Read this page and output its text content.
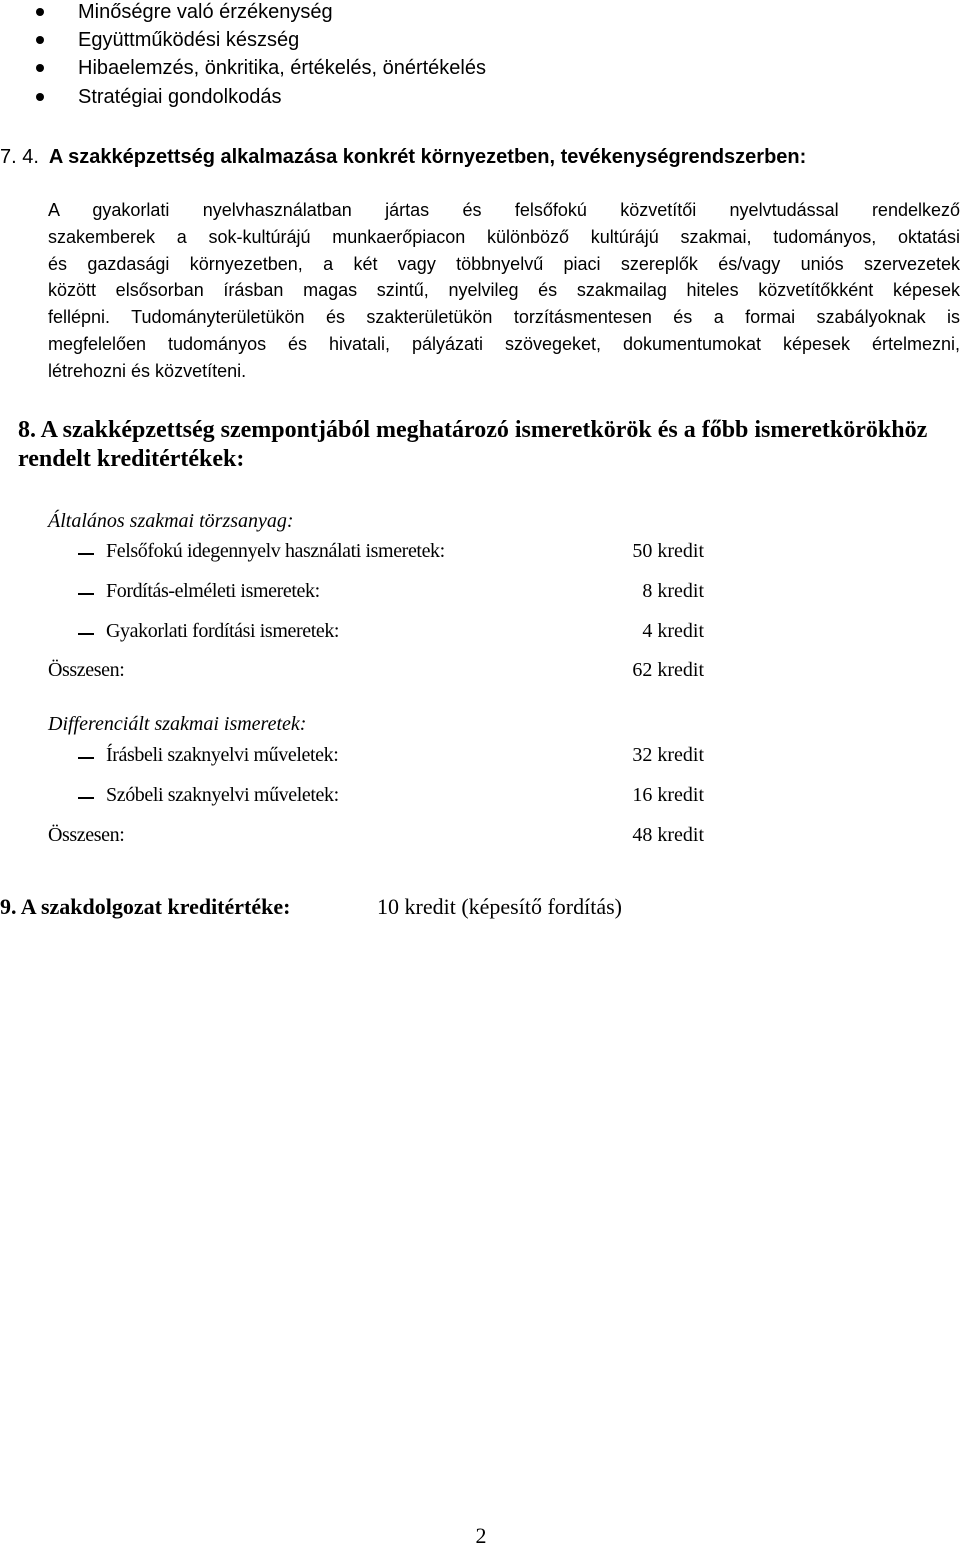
Minőségre való érzékenység
Együttműködési készség
Hibaelemzés, önkritika, értékelés, önértékelés
Stratégiai gondolkodás
7. 4. A szakképzettség alkalmazása konkrét környezetben, tevékenységrendszerben:
A gyakorlati nyelvhasználatban jártas és felsőfokú közvetítői nyelvtudással rendelkező
szakemberek a sok-kultúrájú munkaerőpiacon különböző kultúrájú szakmai, tudományos, oktatási
és gazdasági környezetben, a két vagy többnyelvű piaci szereplők és/vagy uniós szervezetek
között elsősorban írásban magas szintű, nyelvileg és szakmailag hiteles közvetítőkként képesek
fellépni. Tudományterületükön és szakterületükön torzításmentesen és a formai szabályoknak is
megfelelően tudományos és hivatali, pályázati szövegeket, dokumentumokat képesek értelmezni,
létrehozni és közvetíteni.
8. A szakképzettség szempontjából meghatározó ismeretkörök és a főbb ismeretkörökhöz rendelt kreditértékek:
Általános szakmai törzsanyag:
Felsőfokú idegennyelv használati ismeretek:	50 kredit
Fordítás-elméleti ismeretek:	8 kredit
Gyakorlati fordítási ismeretek:	4 kredit
Összesen:	62 kredit
Differenciált szakmai ismeretek:
Írásbeli szaknyelvi műveletek:	32 kredit
Szóbeli szaknyelvi műveletek:	16 kredit
Összesen:	48 kredit
9. A szakdolgozat kreditértéke:	10 kredit (képesítő fordítás)
2
